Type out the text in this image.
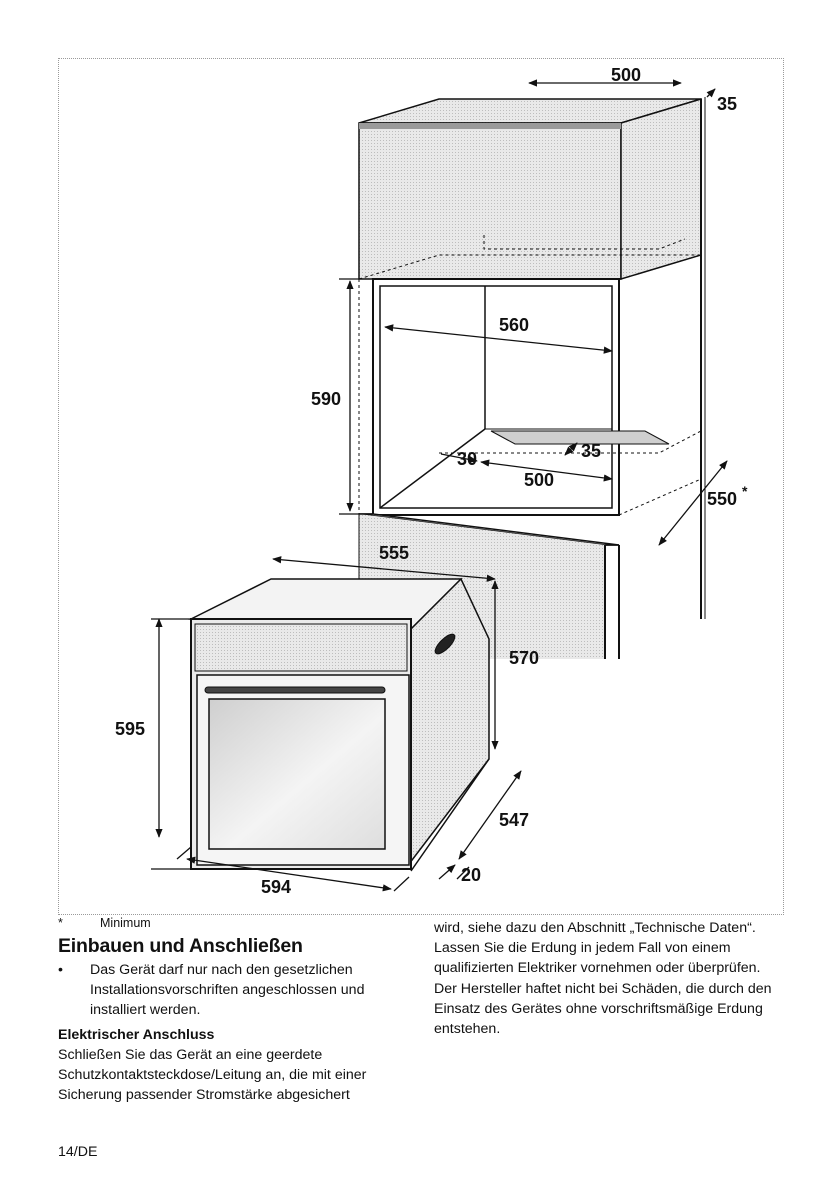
500
35
560
590
30	35
500
550 *
555
570
595
547
20
594
*	Minimum
Einbauen und Anschließen
• Das Gerät darf nur nach den gesetzlichen Installationsvorschriften angeschlossen und installiert werden.

Elektrischer Anschluss

Schließen Sie das Gerät an eine geerdete Schutzkontaktsteckdose/Leitung an, die mit einer Sicherung passender Stromstärke abgesichert

wird, siehe dazu den Abschnitt „Technische Daten“. Lassen Sie die Erdung in jedem Fall von einem qualifizierten Elektriker vornehmen oder überprüfen. Der Hersteller haftet nicht bei Schäden, die durch den Einsatz des Gerätes ohne vorschriftsmäßige Erdung entstehen.

14/DE
